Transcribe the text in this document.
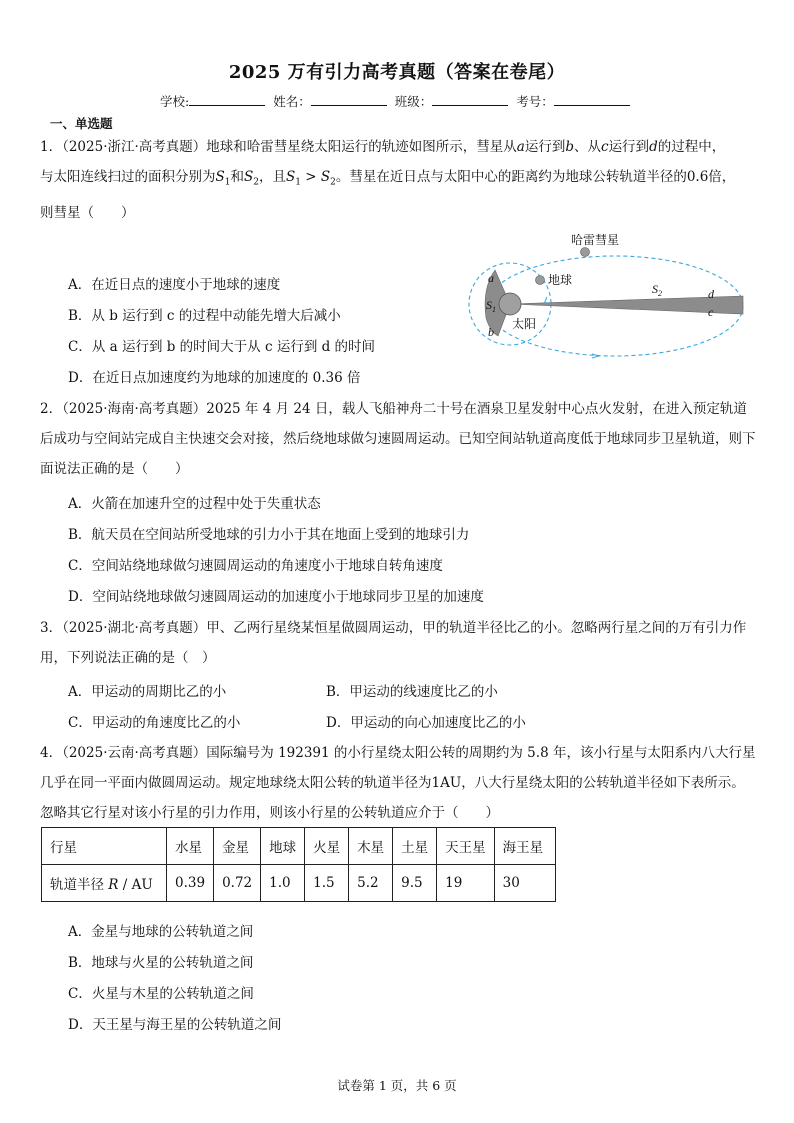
2025 万有引力高考真题（答案在卷尾）
学校:	姓名：	班级：	考号：
一、单选题
1．（2025·浙江·高考真题）地球和哈雷彗星绕太阳运行的轨迹如图所示，彗星从a运行到b、从c运行到d的过程中，
与太阳连线扫过的面积分别为$S_1$和$S_2$，且$S_1 > S_2$。彗星在近日点与太阳中心的距离约为地球公转轨道半径的0.6倍，
则彗星（　　）
A．在近日点的速度小于地球的速度
B．从 b 运行到 c 的过程中动能先增大后减小
C．从 a 运行到 b 的时间大于从 c 运行到 d 的时间
D．在近日点加速度约为地球的加速度的 0.36 倍
哈雷彗星
地球
太阳
$S_1$
$S_2$
a
b
c
d
2．（2025·海南·高考真题）2025 年 4 月 24 日，载人飞船神舟二十号在酒泉卫星发射中心点火发射，在进入预定轨道后成功与空间站完成自主快速交会对接，然后绕地球做匀速圆周运动。已知空间站轨道高度低于地球同步卫星轨道，则下面说法正确的是（　　）
A．火箭在加速升空的过程中处于失重状态
B．航天员在空间站所受地球的引力小于其在地面上受到的地球引力
C．空间站绕地球做匀速圆周运动的角速度小于地球自转角速度
D．空间站绕地球做匀速圆周运动的加速度小于地球同步卫星的加速度
3．（2025·湖北·高考真题）甲、乙两行星绕某恒星做圆周运动，甲的轨道半径比乙的小。忽略两行星之间的万有引力作用，下列说法正确的是（　）
A．甲运动的周期比乙的小	B．甲运动的线速度比乙的小
C．甲运动的角速度比乙的小	D．甲运动的向心加速度比乙的小
4．（2025·云南·高考真题）国际编号为 192391 的小行星绕太阳公转的周期约为 5.8 年，该小行星与太阳系内八大行星几乎在同一平面内做圆周运动。规定地球绕太阳公转的轨道半径为1AU，八大行星绕太阳的公转轨道半径如下表所示。忽略其它行星对该小行星的引力作用，则该小行星的公转轨道应介于（　　）
行星	水星	金星	地球	火星	木星	土星	天王星	海王星
轨道半径 R / AU	0.39	0.72	1.0	1.5	5.2	9.5	19	30
A．金星与地球的公转轨道之间
B．地球与火星的公转轨道之间
C．火星与木星的公转轨道之间
D．天王星与海王星的公转轨道之间
试卷第 1 页，共 6 页
